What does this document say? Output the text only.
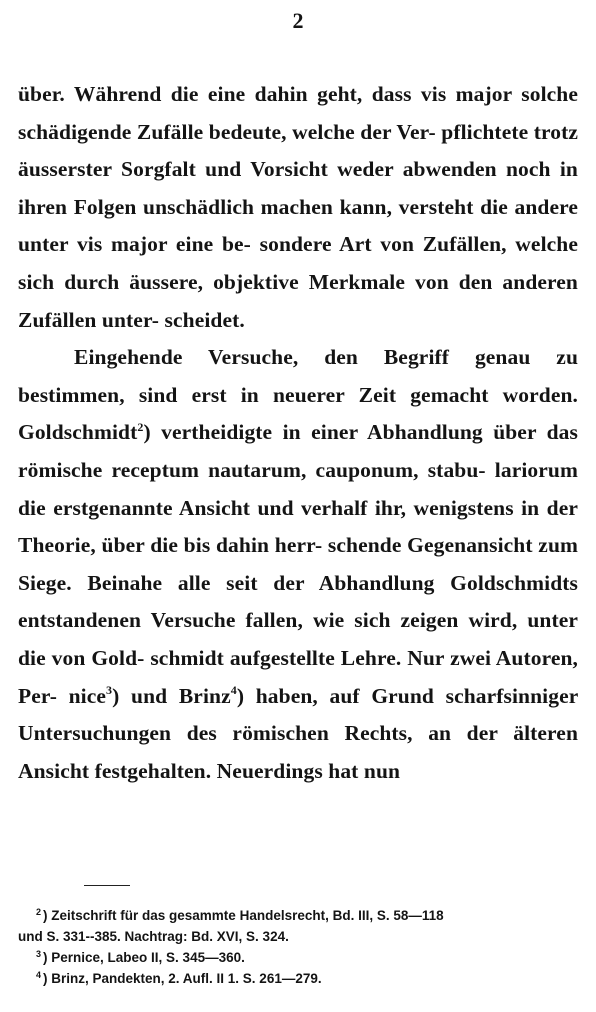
2

über. Während die eine dahin geht, dass vis major solche schädigende Zufälle bedeute, welche der Ver- pflichtete trotz äusserster Sorgfalt und Vorsicht weder abwenden noch in ihren Folgen unschädlich machen kann, versteht die andere unter vis major eine be- sondere Art von Zufällen, welche sich durch äussere, objektive Merkmale von den anderen Zufällen unter- scheidet.

Eingehende Versuche, den Begriff genau zu bestimmen, sind erst in neuerer Zeit gemacht worden. Goldschmidt$^2$) vertheidigte in einer Abhandlung über das römische receptum nautarum, cauponum, stabu- lariorum die erstgenannte Ansicht und verhalf ihr, wenigstens in der Theorie, über die bis dahin herr- schende Gegenansicht zum Siege. Beinahe alle seit der Abhandlung Goldschmidts entstandenen Versuche fallen, wie sich zeigen wird, unter die von Gold- schmidt aufgestellte Lehre. Nur zwei Autoren, Per- nice$^3$) und Brinz$^4$) haben, auf Grund scharfsinniger Untersuchungen des römischen Rechts, an der älteren Ansicht festgehalten. Neuerdings hat nun

$^2$ ) Zeitschrift für das gesammte Handelsrecht, Bd. III, S. 58—118

und S. 331--385. Nachtrag: Bd. XVI, S. 324.

$^3$ ) Pernice, Labeo II, S. 345—360.

$^4$ ) Brinz, Pandekten, 2. Aufl. II 1. S. 261—279.
